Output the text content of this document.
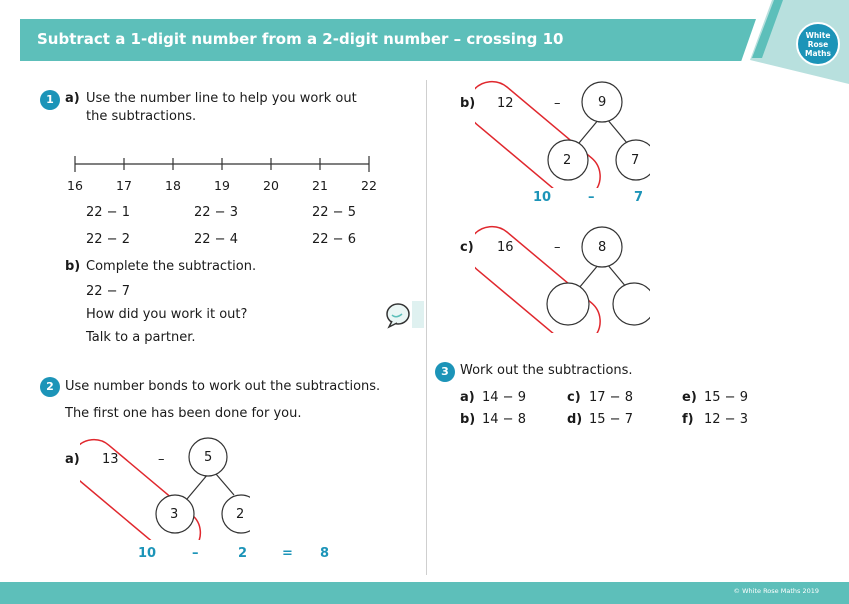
Subtract a 1-digit number from a 2-digit number – crossing 10	White
Rose
Maths
1 a) Use the number line to help you work out
the subtractions.
16	17	18	19	20	21	22
22 − 1	22 − 3	22 − 5
22 − 2	22 − 4	22 − 6
b) Complete the subtraction.
22 − 7
How did you work it out?
Talk to a partner.
2 Use number bonds to work out the subtractions.
The first one has been done for you.
a) 13	–	5
3	2
10	–	2	= 8
b) 12	–	9
2	7
10	–	7
c) 16	–	8
3 Work out the subtractions.
a) 14 − 9	c) 17 − 8	e) 15 − 9
b) 14 − 8	d) 15 − 7	f) 12 − 3
© White Rose Maths 2019
